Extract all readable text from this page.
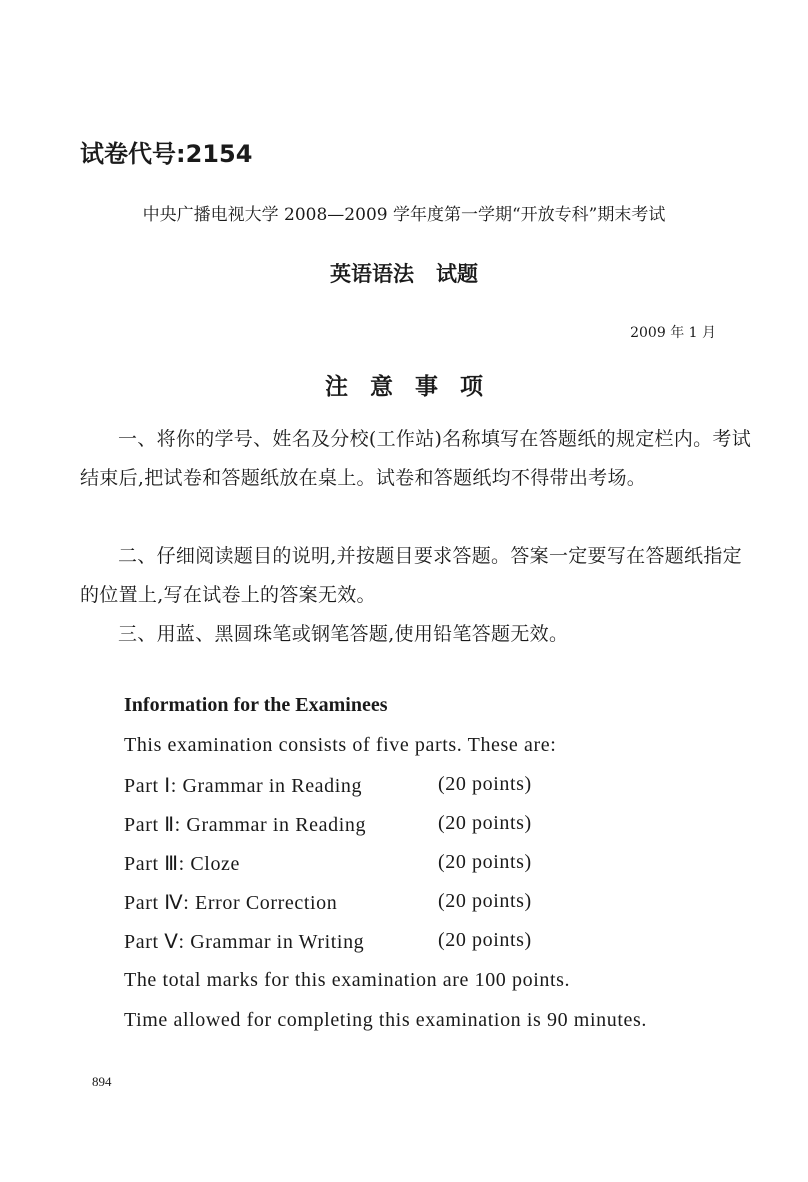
试卷代号:2154
中央广播电视大学 2008—2009 学年度第一学期“开放专科”期末考试
英语语法   试题
2009 年 1 月
注意事项
一、将你的学号、姓名及分校(工作站)名称填写在答题纸的规定栏内。考试结束后,把试卷和答题纸放在桌上。试卷和答题纸均不得带出考场。
二、仔细阅读题目的说明,并按题目要求答题。答案一定要写在答题纸指定的位置上,写在试卷上的答案无效。
三、用蓝、黑圆珠笔或钢笔答题,使用铅笔答题无效。
Information for the Examinees
This examination consists of five parts. These are:
Part Ⅰ: Grammar in Reading	(20 points)
Part Ⅱ: Grammar in Reading	(20 points)
Part Ⅲ: Cloze	(20 points)
Part Ⅳ: Error Correction	(20 points)
Part Ⅴ: Grammar in Writing	(20 points)
The total marks for this examination are 100 points.
Time allowed for completing this examination is 90 minutes.
894
